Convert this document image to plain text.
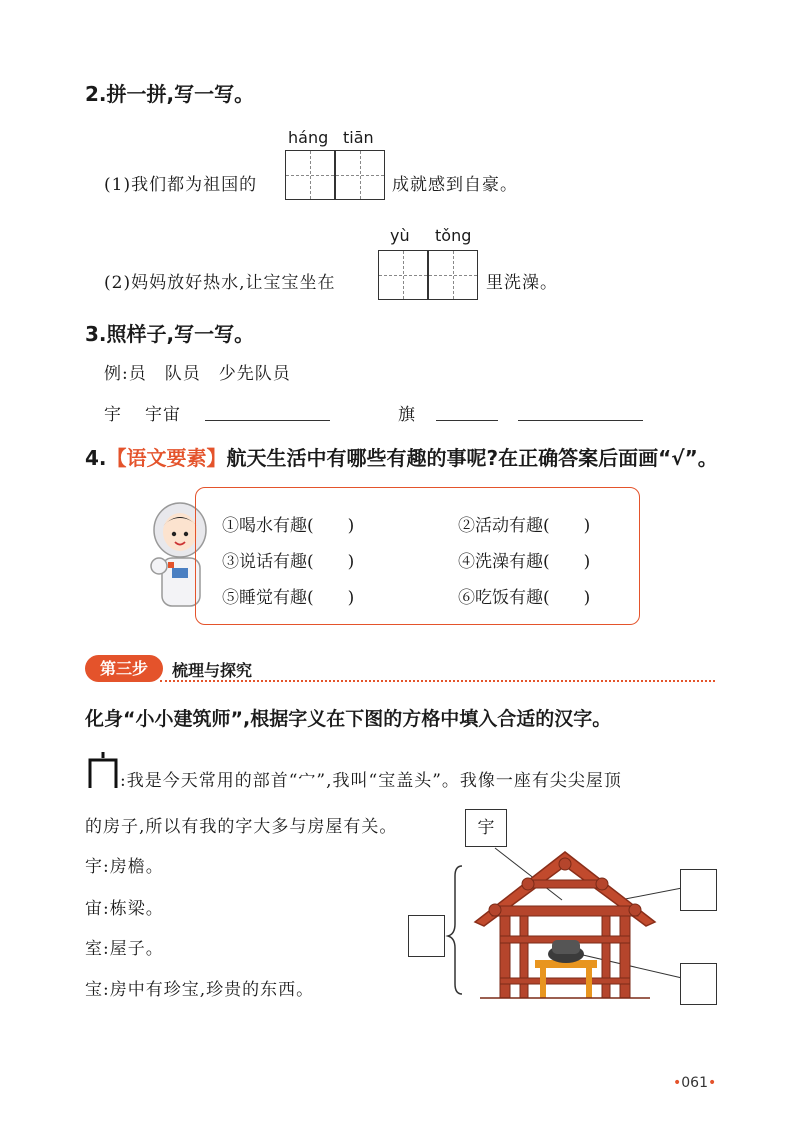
2.拼一拼,写一写。
háng tiān
(1)我们都为祖国的	成就感到自豪。
yù tǒng
(2)妈妈放好热水,让宝宝坐在	里洗澡。
3.照样子,写一写。
例:员　队员　少先队员
宇 宇宙	旗
4.【语文要素】航天生活中有哪些有趣的事呢?在正确答案后面画“√”。
①喝水有趣(　　)	②活动有趣(　　)
③说话有趣(　　)	④洗澡有趣(　　)
⑤睡觉有趣(　　)	⑥吃饭有趣(　　)
第三步	梳理与探究
化身“小小建筑师”,根据字义在下图的方格中填入合适的汉字。
:我是今天常用的部首“宀”,我叫“宝盖头”。我像一座有尖尖屋顶
的房子,所以有我的字大多与房屋有关。
宇:房檐。
宙:栋梁。
室:屋子。
宝:房中有珍宝,珍贵的东西。
宇
•061•
